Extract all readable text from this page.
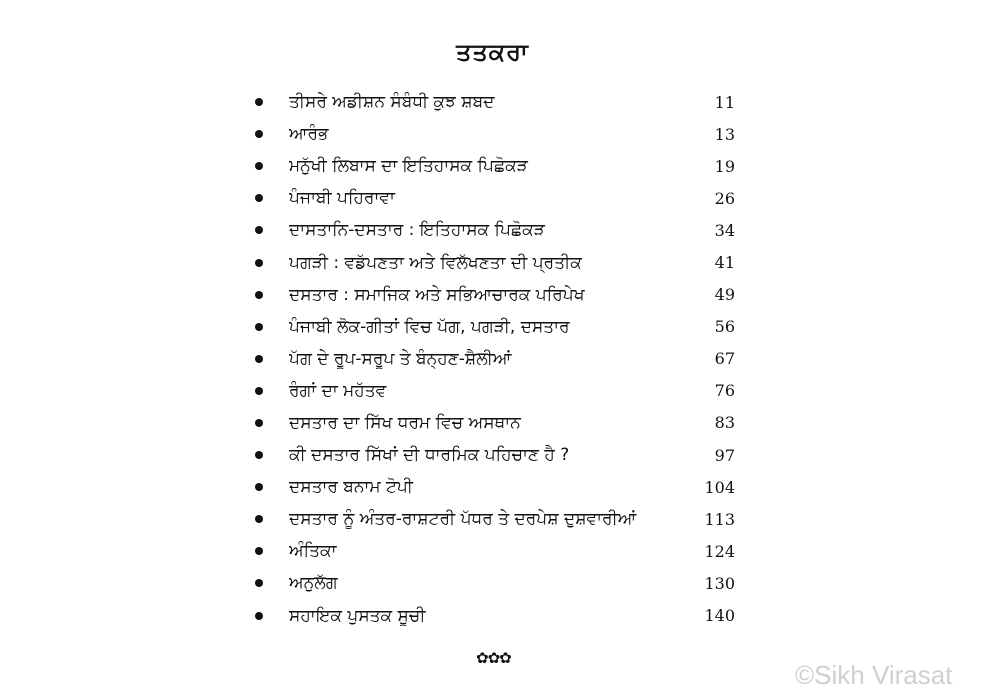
ਤਤਕਰਾ
ਤੀਸਰੇ ਅਡੀਸ਼ਨ ਸੰਬੰਧੀ ਕੁਝ ਸ਼ਬਦ	11
ਆਰੰਭ	13
ਮਨੁੱਖੀ ਲਿਬਾਸ ਦਾ ਇਤਿਹਾਸਕ ਪਿਛੋਕੜ	19
ਪੰਜਾਬੀ ਪਹਿਰਾਵਾ	26
ਦਾਸਤਾਨਿ-ਦਸਤਾਰ : ਇਤਿਹਾਸਕ ਪਿਛੋਕੜ	34
ਪਗੜੀ : ਵਡੱਪਣਤਾ ਅਤੇ ਵਿਲੱਖਣਤਾ ਦੀ ਪ੍ਰਤੀਕ	41
ਦਸਤਾਰ : ਸਮਾਜਿਕ ਅਤੇ ਸਭਿਆਚਾਰਕ ਪਰਿਪੇਖ	49
ਪੰਜਾਬੀ ਲੋਕ-ਗੀਤਾਂ ਵਿਚ ਪੱਗ, ਪਗੜੀ, ਦਸਤਾਰ	56
ਪੱਗ ਦੇ ਰੂਪ-ਸਰੂਪ ਤੇ ਬੰਨ੍ਹਣ-ਸ਼ੈਲੀਆਂ	67
ਰੰਗਾਂ ਦਾ ਮਹੱਤਵ	76
ਦਸਤਾਰ ਦਾ ਸਿੱਖ ਧਰਮ ਵਿਚ ਅਸਥਾਨ	83
ਕੀ ਦਸਤਾਰ ਸਿੱਖਾਂ ਦੀ ਧਾਰਮਿਕ ਪਹਿਚਾਣ ਹੈ ?	97
ਦਸਤਾਰ ਬਨਾਮ ਟੋਪੀ	104
ਦਸਤਾਰ ਨੂੰ ਅੰਤਰ-ਰਾਸ਼ਟਰੀ ਪੱਧਰ ਤੇ ਦਰਪੇਸ਼ ਦੁਸ਼ਵਾਰੀਆਂ	113
ਅੰਤਿਕਾ	124
ਅਨੁਲੱਗ	130
ਸਹਾਇਕ ਪੁਸਤਕ ਸੂਚੀ	140
✿✿✿
©Sikh Virasat
